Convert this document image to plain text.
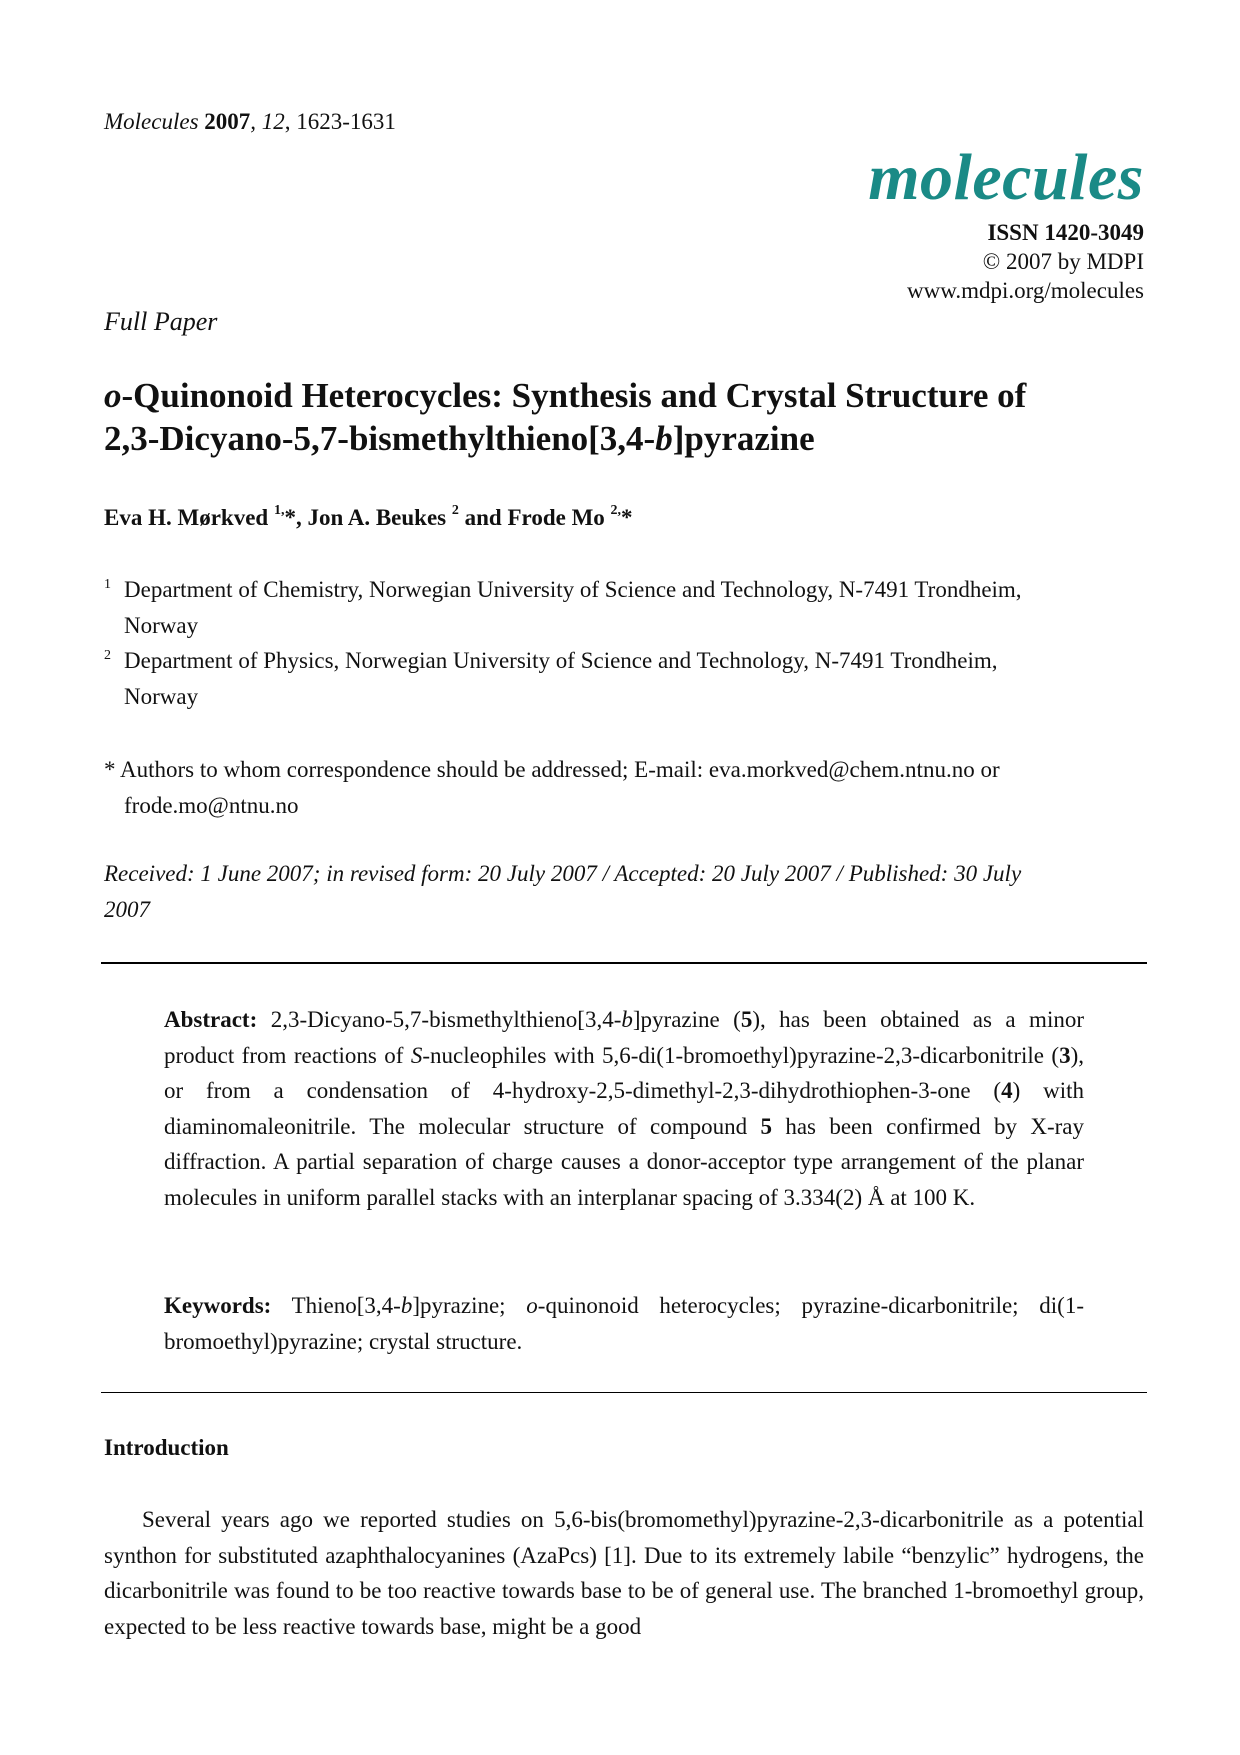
Molecules 2007, 12, 1623-1631
molecules
ISSN 1420-3049
© 2007 by MDPI
www.mdpi.org/molecules
Full Paper
o-Quinonoid Heterocycles: Synthesis and Crystal Structure of
2,3-Dicyano-5,7-bismethylthieno[3,4-b]pyrazine
Eva H. Mørkved $^{1,}$*, Jon A. Beukes $^2$ and Frode Mo $^{2,}$*
1 Department of Chemistry, Norwegian University of Science and Technology, N-7491 Trondheim,
Norway
2 Department of Physics, Norwegian University of Science and Technology, N-7491 Trondheim,
Norway
* Authors to whom correspondence should be addressed; E-mail: eva.morkved@chem.ntnu.no or
frode.mo@ntnu.no
Received: 1 June 2007; in revised form: 20 July 2007 / Accepted: 20 July 2007 / Published: 30 July
2007
Abstract: 2,3-Dicyano-5,7-bismethylthieno[3,4-b]pyrazine (5), has been obtained as a minor product from reactions of S-nucleophiles with 5,6-di(1-bromoethyl)pyrazine-2,3-dicarbonitrile (3), or from a condensation of 4-hydroxy-2,5-dimethyl-2,3-dihydrothiophen-3-one (4) with diaminomaleonitrile. The molecular structure of compound 5 has been confirmed by X-ray diffraction. A partial separation of charge causes a donor-acceptor type arrangement of the planar molecules in uniform parallel stacks with an interplanar spacing of 3.334(2) Å at 100 K.
Keywords: Thieno[3,4-b]pyrazine; o-quinonoid heterocycles; pyrazine-dicarbonitrile; di(1-bromoethyl)pyrazine; crystal structure.
Introduction
Several years ago we reported studies on 5,6-bis(bromomethyl)pyrazine-2,3-dicarbonitrile as a potential synthon for substituted azaphthalocyanines (AzaPcs) [1]. Due to its extremely labile “benzylic” hydrogens, the dicarbonitrile was found to be too reactive towards base to be of general use. The branched 1-bromoethyl group, expected to be less reactive towards base, might be a good
